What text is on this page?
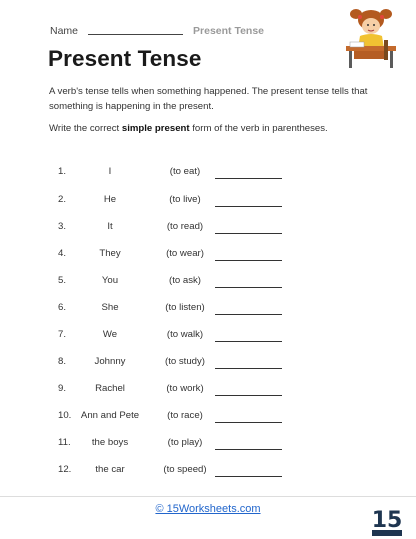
Name	Present Tense
Present Tense
A verb's tense tells when something happened. The present tense tells that something is happening in the present.
Write the correct simple present form of the verb in parentheses.
1.	I	(to eat)
2.	He	(to live)
3.	It	(to read)
4.	They	(to wear)
5.	You	(to ask)
6.	She	(to listen)
7.	We	(to walk)
8.	Johnny	(to study)
9.	Rachel	(to work)
10. Ann and Pete	(to race)
11.	the boys	(to play)
12.	the car	(to speed)
© 15Worksheets.com	15
